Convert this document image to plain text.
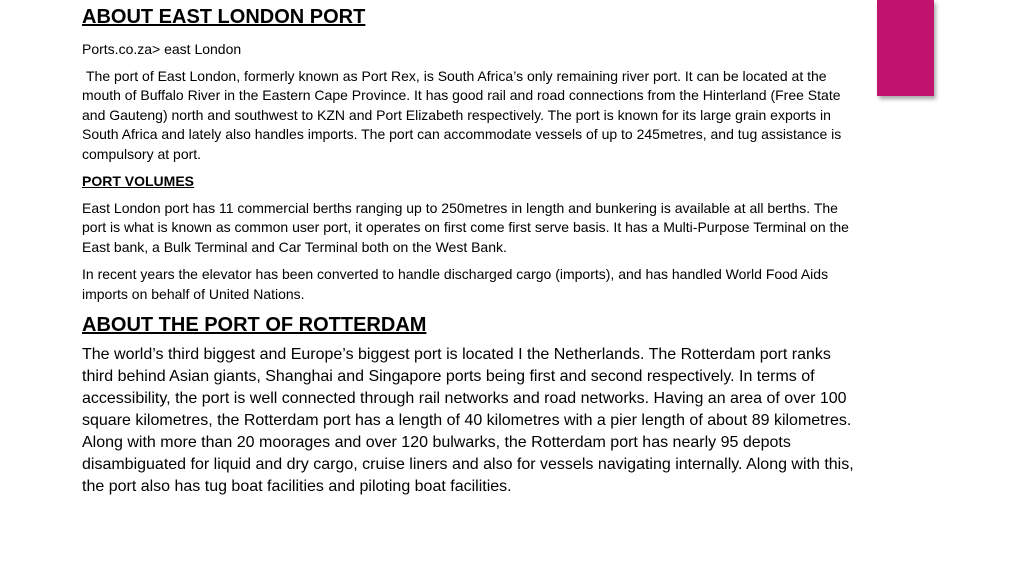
ABOUT EAST LONDON PORT
Ports.co.za> east London
The port of East London, formerly known as Port Rex, is South Africa’s only remaining river port. It can be located at the mouth of Buffalo River in the Eastern Cape Province. It has good rail and road connections from the Hinterland (Free State and Gauteng) north and southwest to KZN and Port Elizabeth respectively. The port is known for its large grain exports in South Africa and lately also handles imports. The port can accommodate vessels of up to 245metres, and tug assistance is compulsory at port.
PORT VOLUMES
East London port has 11 commercial berths ranging up to 250metres in length and bunkering is available at all berths. The port is what is known as common user port, it operates on first come first serve basis. It has a Multi-Purpose Terminal on the East bank, a Bulk Terminal and Car Terminal both on the West Bank.
In recent years the elevator has been converted to handle discharged cargo (imports), and has handled World Food Aids imports on behalf of United Nations.
ABOUT THE PORT OF ROTTERDAM
The world’s third biggest and Europe’s biggest port is located I the Netherlands. The Rotterdam port ranks third behind Asian giants, Shanghai and Singapore ports being first and second respectively. In terms of accessibility, the port is well connected through rail networks and road networks. Having an area of over 100 square kilometres, the Rotterdam port has a length of 40 kilometres with a pier length of about 89 kilometres. Along with more than 20 moorages and over 120 bulwarks, the Rotterdam port has nearly 95 depots disambiguated for liquid and dry cargo, cruise liners and also for vessels navigating internally. Along with this, the port also has tug boat facilities and piloting boat facilities.
